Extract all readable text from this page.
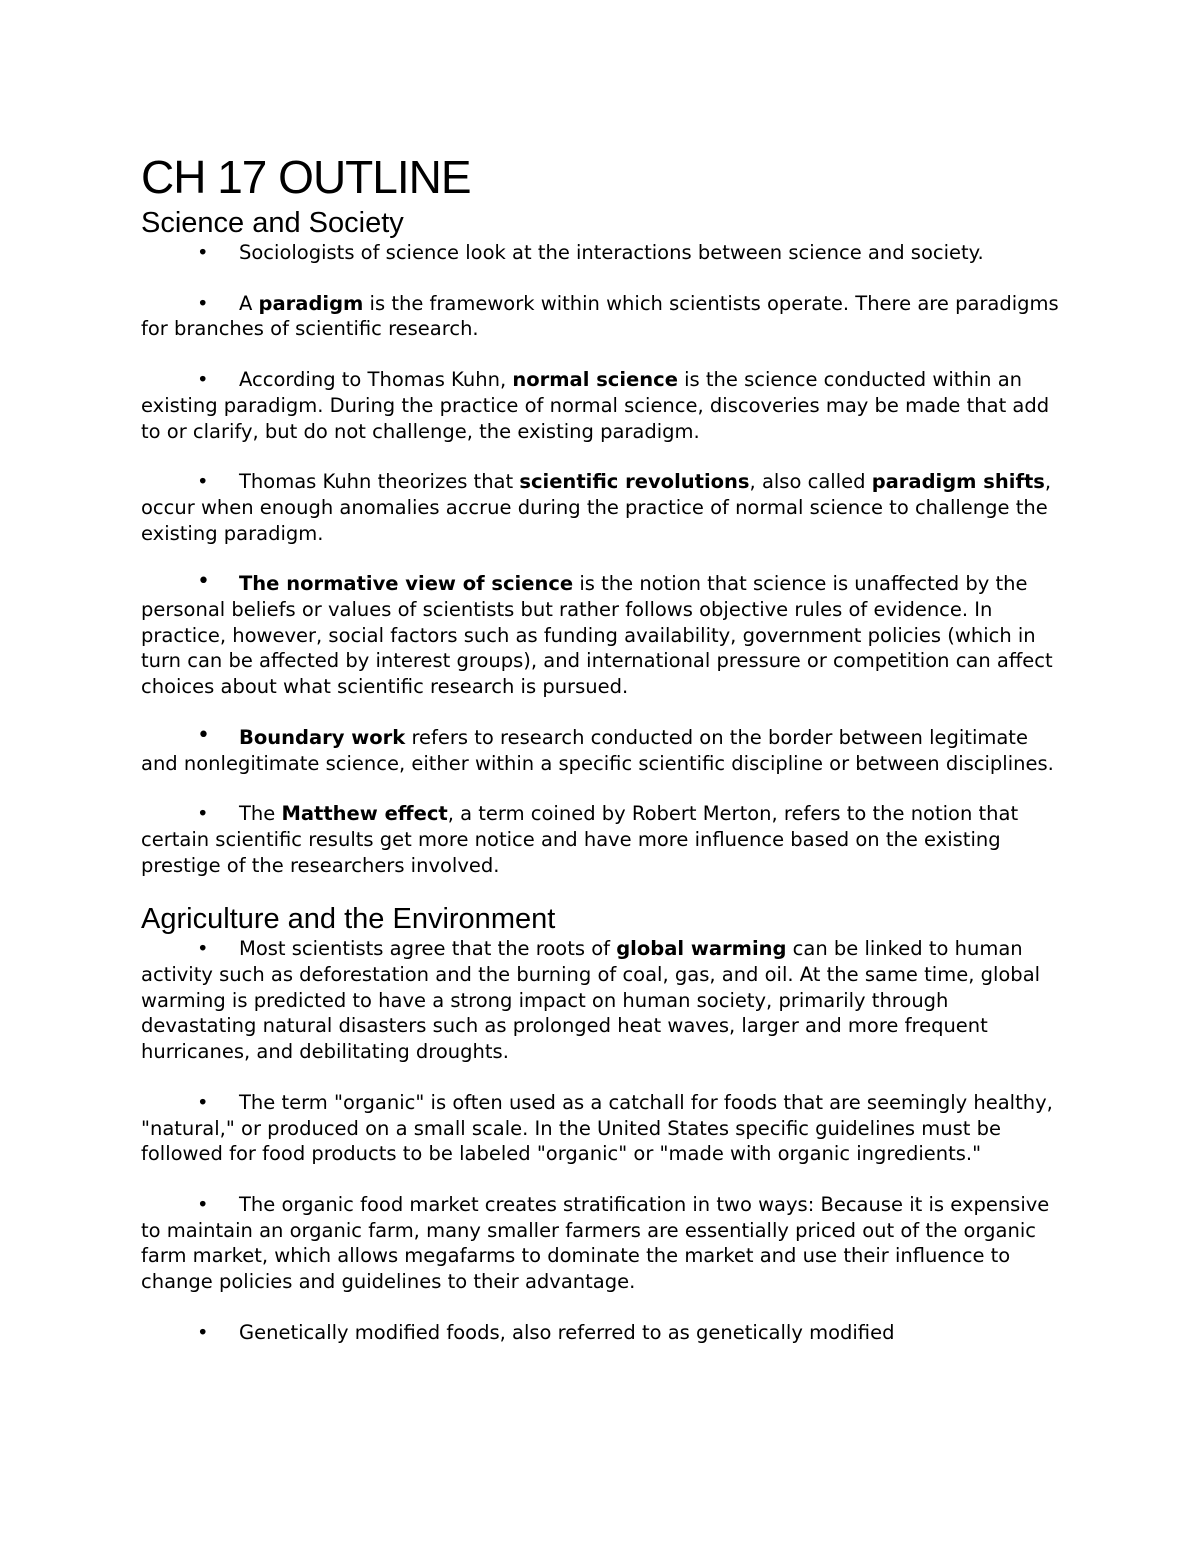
CH 17 OUTLINE
Science and Society

• Sociologists of science look at the interactions between science and society.

• A paradigm is the framework within which scientists operate. There are paradigms for branches of scientific research.

• According to Thomas Kuhn, normal science is the science conducted within an existing paradigm. During the practice of normal science, discoveries may be made that add to or clarify, but do not challenge, the existing paradigm.

• Thomas Kuhn theorizes that scientific revolutions, also called paradigm shifts, occur when enough anomalies accrue during the practice of normal science to challenge the existing paradigm.

• The normative view of science is the notion that science is unaffected by the personal beliefs or values of scientists but rather follows objective rules of evidence. In practice, however, social factors such as funding availability, government policies (which in turn can be affected by interest groups), and international pressure or competition can affect choices about what scientific research is pursued.

• Boundary work refers to research conducted on the border between legitimate and nonlegitimate science, either within a specific scientific discipline or between disciplines.

• The Matthew effect, a term coined by Robert Merton, refers to the notion that certain scientific results get more notice and have more influence based on the existing prestige of the researchers involved.

Agriculture and the Environment

• Most scientists agree that the roots of global warming can be linked to human activity such as deforestation and the burning of coal, gas, and oil. At the same time, global warming is predicted to have a strong impact on human society, primarily through devastating natural disasters such as prolonged heat waves, larger and more frequent hurricanes, and debilitating droughts.

• The term "organic" is often used as a catchall for foods that are seemingly healthy, "natural," or produced on a small scale. In the United States specific guidelines must be followed for food products to be labeled "organic" or "made with organic ingredients."

• The organic food market creates stratification in two ways: Because it is expensive to maintain an organic farm, many smaller farmers are essentially priced out of the organic farm market, which allows megafarms to dominate the market and use their influence to change policies and guidelines to their advantage.

• Genetically modified foods, also referred to as genetically modified
